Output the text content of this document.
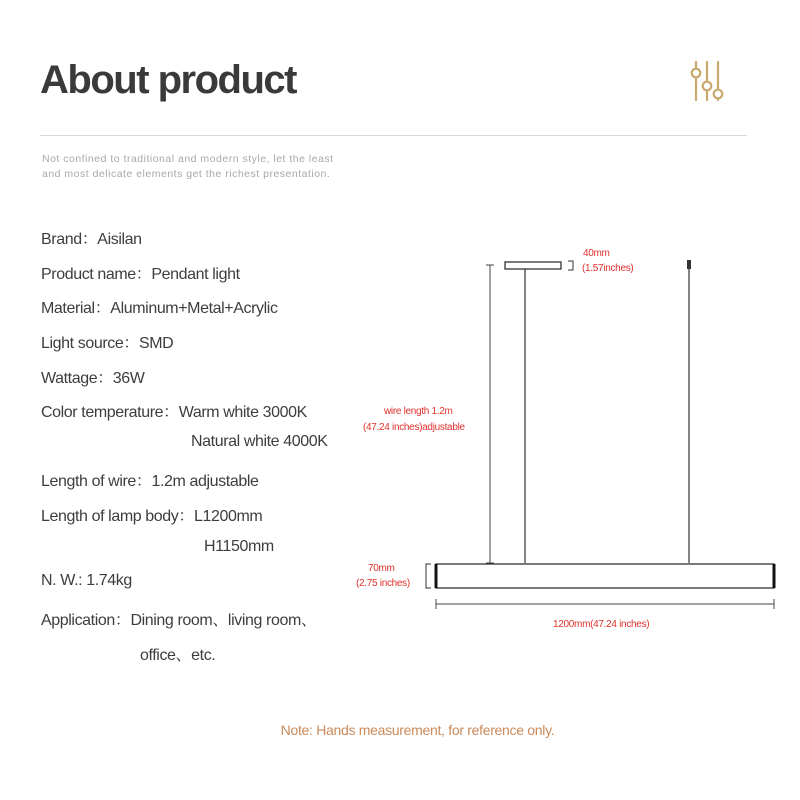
About product
Not confined to traditional and modern style, let the least and most delicate elements get the richest presentation.
Brand：Aisilan
Product name：Pendant light
Material：Aluminum+Metal+Acrylic
Light source：SMD
Wattage：36W
Color temperature：Warm white 3000K
Natural white 4000K
Length of wire：1.2m adjustable
Length of lamp body：L1200mm
H1150mm
N. W.: 1.74kg
Application：Dining room、living room、
office、etc.
40mm
(1.57inches)
wire length 1.2m
(47.24 inches)adjustable
70mm
(2.75 inches)
1200mm(47.24 inches)
Note: Hands measurement, for reference only.
